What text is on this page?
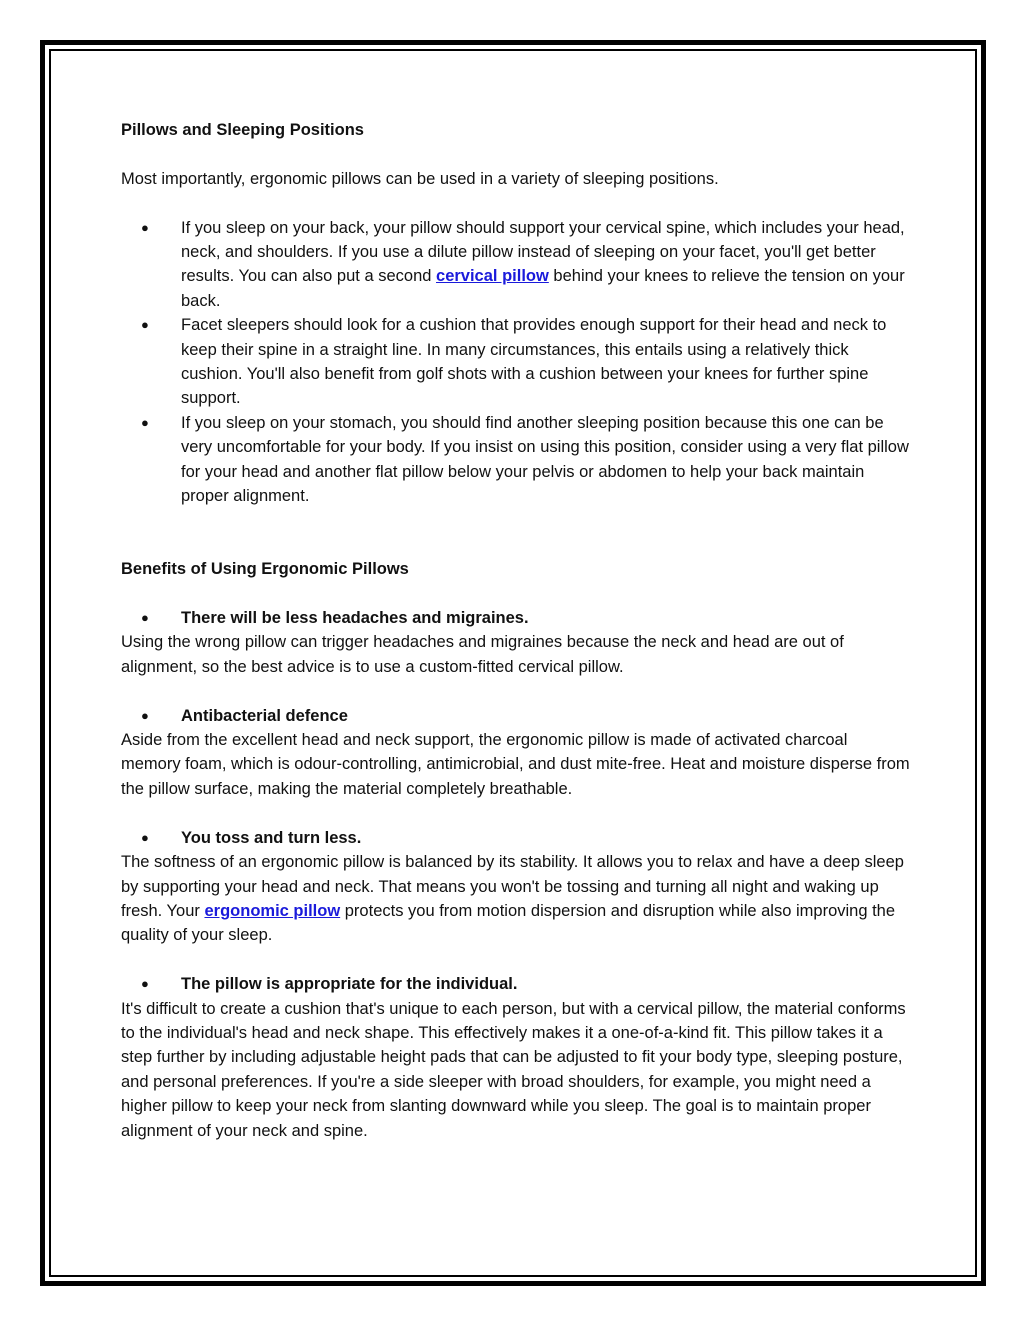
Pillows and Sleeping Positions

Most importantly, ergonomic pillows can be used in a variety of sleeping positions.

●	If you sleep on your back, your pillow should support your cervical spine, which includes your head, neck, and shoulders. If you use a dilute pillow instead of sleeping on your facet, you'll get better results. You can also put a second cervical pillow behind your knees to relieve the tension on your back.
●	Facet sleepers should look for a cushion that provides enough support for their head and neck to keep their spine in a straight line. In many circumstances, this entails using a relatively thick cushion. You'll also benefit from golf shots with a cushion between your knees for further spine support.
●	If you sleep on your stomach, you should find another sleeping position because this one can be very uncomfortable for your body. If you insist on using this position, consider using a very flat pillow for your head and another flat pillow below your pelvis or abdomen to help your back maintain proper alignment.
Benefits of Using Ergonomic Pillows
●	There will be less headaches and migraines.

Using the wrong pillow can trigger headaches and migraines because the neck and head are out of alignment, so the best advice is to use a custom-fitted cervical pillow.

●	Antibacterial defence

Aside from the excellent head and neck support, the ergonomic pillow is made of activated charcoal memory foam, which is odour-controlling, antimicrobial, and dust mite-free. Heat and moisture disperse from the pillow surface, making the material completely breathable.

●	You toss and turn less.

The softness of an ergonomic pillow is balanced by its stability. It allows you to relax and have a deep sleep by supporting your head and neck. That means you won't be tossing and turning all night and waking up fresh. Your ergonomic pillow protects you from motion dispersion and disruption while also improving the quality of your sleep.

●	The pillow is appropriate for the individual.

It's difficult to create a cushion that's unique to each person, but with a cervical pillow, the material conforms to the individual's head and neck shape. This effectively makes it a one-of-a-kind fit. This pillow takes it a step further by including adjustable height pads that can be adjusted to fit your body type, sleeping posture, and personal preferences. If you're a side sleeper with broad shoulders, for example, you might need a higher pillow to keep your neck from slanting downward while you sleep. The goal is to maintain proper alignment of your neck and spine.
